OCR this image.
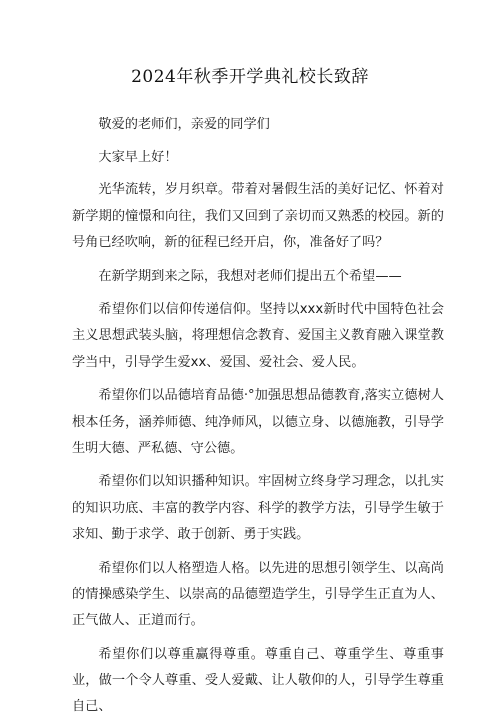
2024年秋季开学典礼校长致辞

敬爱的老师们，亲爱的同学们

大家早上好！

光华流转，岁月织章。带着对暑假生活的美好记忆、怀着对新学期的憧憬和向往，我们又回到了亲切而又熟悉的校园。新的号角已经吹响，新的征程已经开启，你，准备好了吗？

在新学期到来之际，我想对老师们提出五个希望——

希望你们以信仰传递信仰。坚持以xxx新时代中国特色社会主义思想武装头脑，将理想信念教育、爱国主义教育融入课堂教学当中，引导学生爱xx、爱国、爱社会、爱人民。

希望你们以品德培育品德·°加强思想品德教育,落实立德树人根本任务，涵养师德、纯净师风，以德立身、以德施教，引导学生明大德、严私德、守公德。

希望你们以知识播种知识。牢固树立终身学习理念，以扎实的知识功底、丰富的教学内容、科学的教学方法，引导学生敏于求知、勤于求学、敢于创新、勇于实践。

希望你们以人格塑造人格。以先进的思想引领学生、以高尚的情操感染学生、以崇高的品德塑造学生，引导学生正直为人、正气做人、正道而行。

希望你们以尊重赢得尊重。尊重自己、尊重学生、尊重事业，做一个令人尊重、受人爱戴、让人敬仰的人，引导学生尊重自己、
